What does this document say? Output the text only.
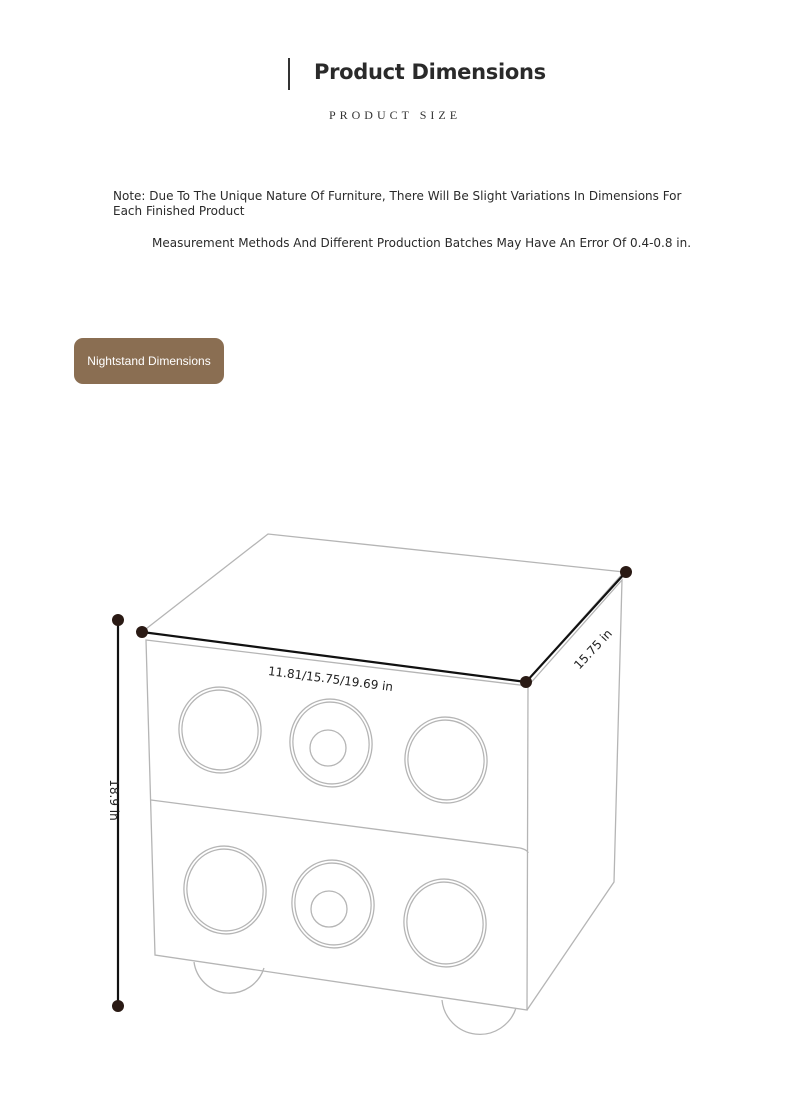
Product Dimensions
PRODUCT SIZE
Note: Due To The Unique Nature Of Furniture, There Will Be Slight Variations In Dimensions For Each Finished Product
Measurement Methods And Different Production Batches May Have An Error Of 0.4-0.8 in.
Nightstand Dimensions
11.81/15.75/19.69 in
15.75 in
18.9 in
